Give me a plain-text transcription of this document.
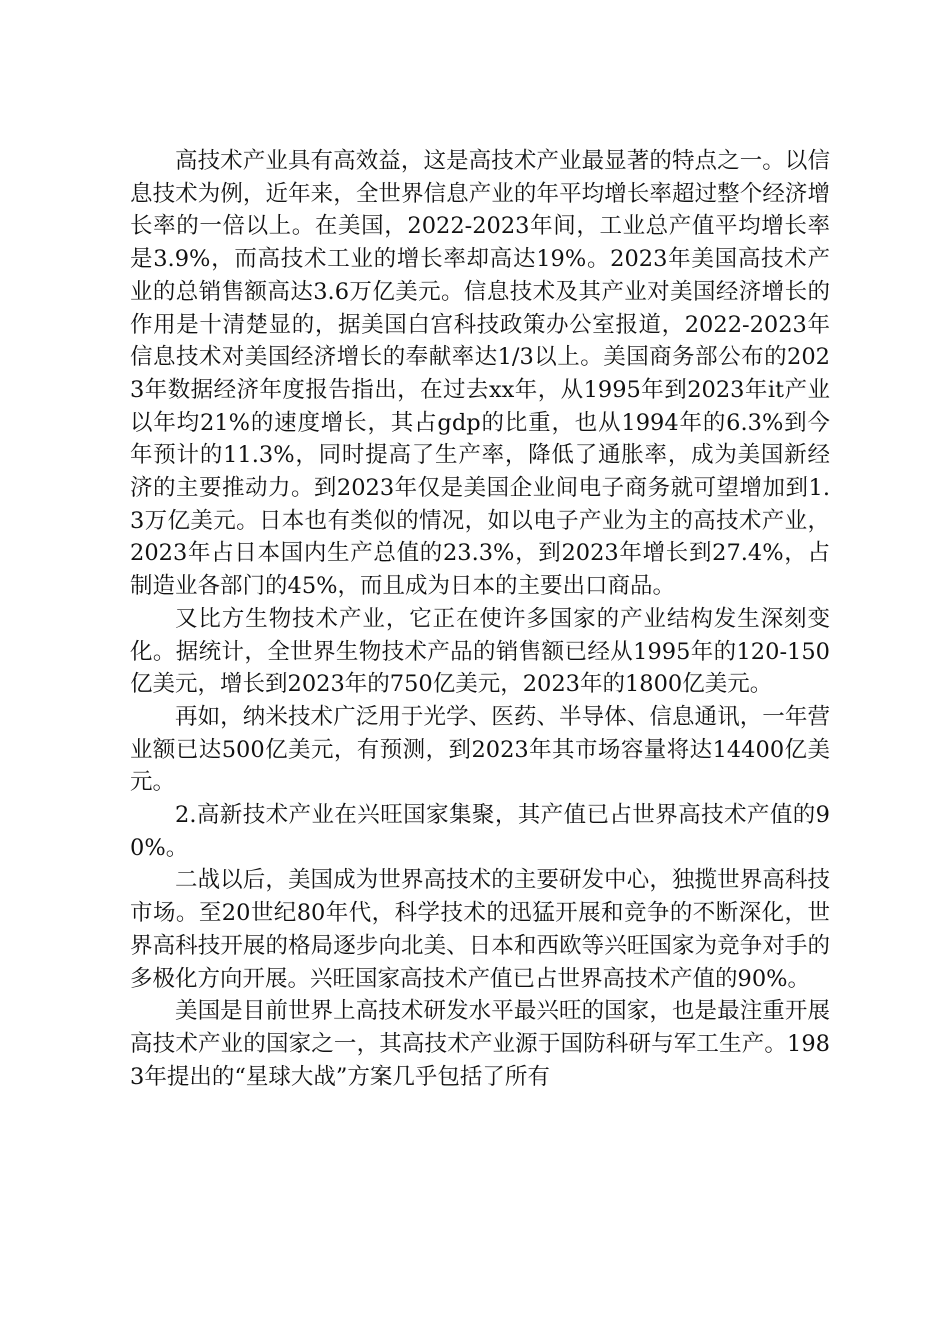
高技术产业具有高效益，这是高技术产业最显著的特点之一。以信息技术为例，近年来，全世界信息产业的年平均增长率超过整个经济增长率的一倍以上。在美国，2022-2023年间，工业总产值平均增长率是3.9%，而高技术工业的增长率却高达19%。2023年美国高技术产业的总销售额高达3.6万亿美元。信息技术及其产业对美国经济增长的作用是十清楚显的，据美国白宫科技政策办公室报道，2022-2023年信息技术对美国经济增长的奉献率达1/3以上。美国商务部公布的2023年数据经济年度报告指出，在过去xx年，从1995年到2023年it产业以年均21%的速度增长，其占gdp的比重，也从1994年的6.3%到今年预计的11.3%，同时提高了生产率，降低了通胀率，成为美国新经济的主要推动力。到2023年仅是美国企业间电子商务就可望增加到1.3万亿美元。日本也有类似的情况，如以电子产业为主的高技术产业，2023年占日本国内生产总值的23.3%，到2023年增长到27.4%，占制造业各部门的45%，而且成为日本的主要出口商品。

又比方生物技术产业，它正在使许多国家的产业结构发生深刻变化。据统计，全世界生物技术产品的销售额已经从1995年的120-150亿美元，增长到2023年的750亿美元，2023年的1800亿美元。

再如，纳米技术广泛用于光学、医药、半导体、信息通讯，一年营业额已达500亿美元，有预测，到2023年其市场容量将达14400亿美元。

2.高新技术产业在兴旺国家集聚，其产值已占世界高技术产值的90%。

二战以后，美国成为世界高技术的主要研发中心，独揽世界高科技市场。至20世纪80年代，科学技术的迅猛开展和竞争的不断深化，世界高科技开展的格局逐步向北美、日本和西欧等兴旺国家为竞争对手的多极化方向开展。兴旺国家高技术产值已占世界高技术产值的90%。

美国是目前世界上高技术研发水平最兴旺的国家，也是最注重开展高技术产业的国家之一，其高技术产业源于国防科研与军工生产。1983年提出的“星球大战”方案几乎包括了所有
